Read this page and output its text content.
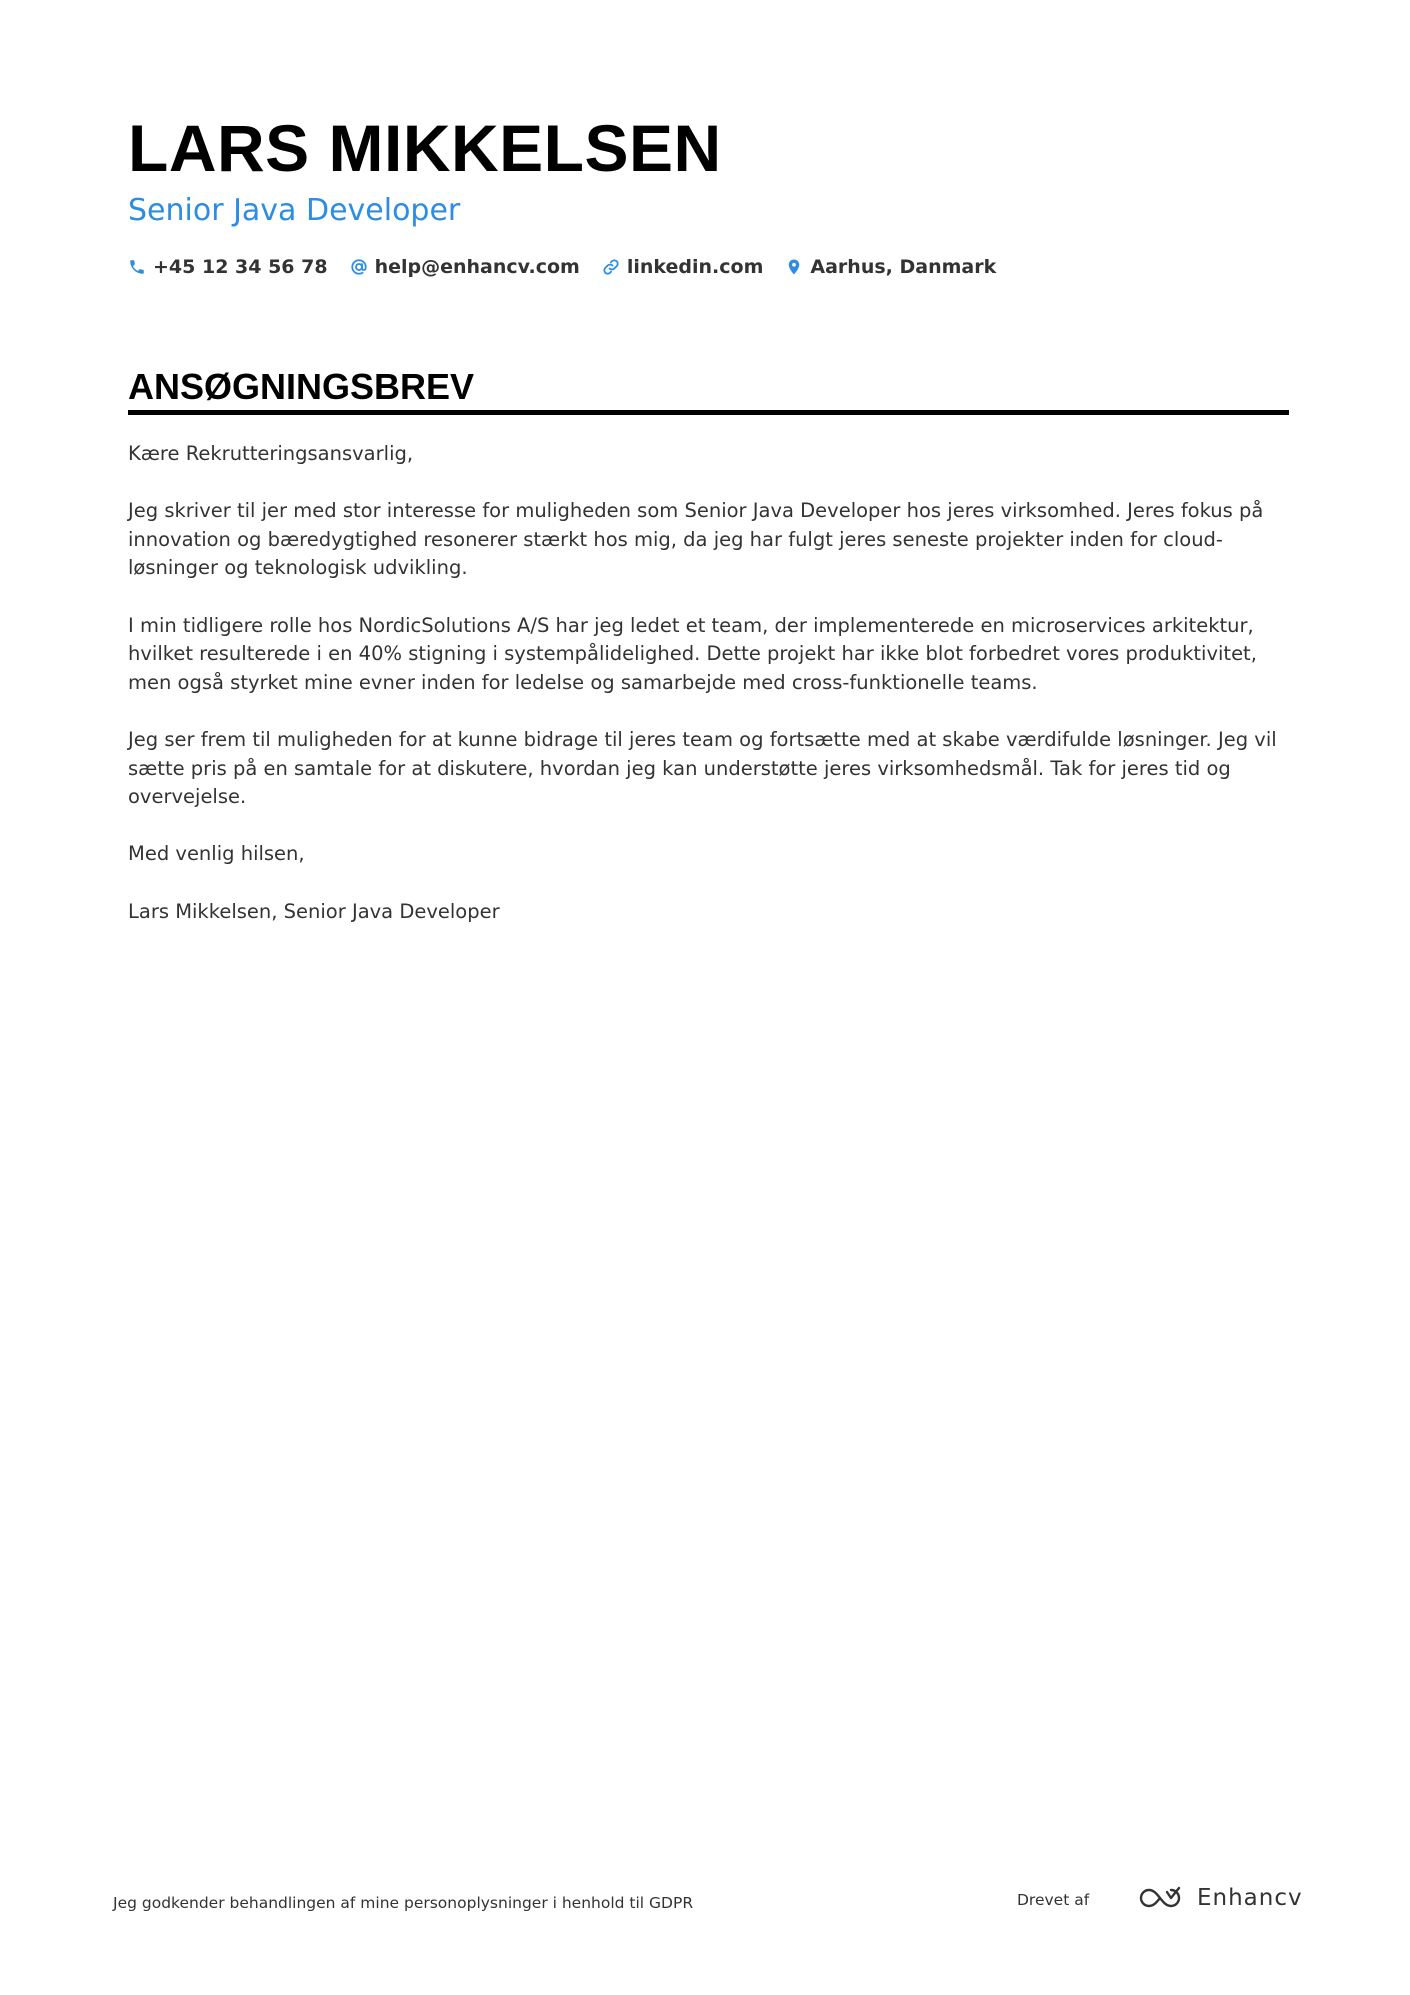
LARS MIKKELSEN
Senior Java Developer
+45 12 34 56 78 help@enhancv.com linkedin.com Aarhus, Danmark
ANSØGNINGSBREV

Kære Rekrutteringsansvarlig,

Jeg skriver til jer med stor interesse for muligheden som Senior Java Developer hos jeres virksomhed. Jeres fokus på innovation og bæredygtighed resonerer stærkt hos mig, da jeg har fulgt jeres seneste projekter inden for cloud-løsninger og teknologisk udvikling.

I min tidligere rolle hos NordicSolutions A/S har jeg ledet et team, der implementerede en microservices arkitektur, hvilket resulterede i en 40% stigning i systempålidelighed. Dette projekt har ikke blot forbedret vores produktivitet, men også styrket mine evner inden for ledelse og samarbejde med cross-funktionelle teams.

Jeg ser frem til muligheden for at kunne bidrage til jeres team og fortsætte med at skabe værdifulde løsninger. Jeg vil sætte pris på en samtale for at diskutere, hvordan jeg kan understøtte jeres virksomhedsmål. Tak for jeres tid og overvejelse.

Med venlig hilsen,

Lars Mikkelsen, Senior Java Developer

Jeg godkender behandlingen af mine personoplysninger i henhold til GDPR	Drevet af	Enhancv
